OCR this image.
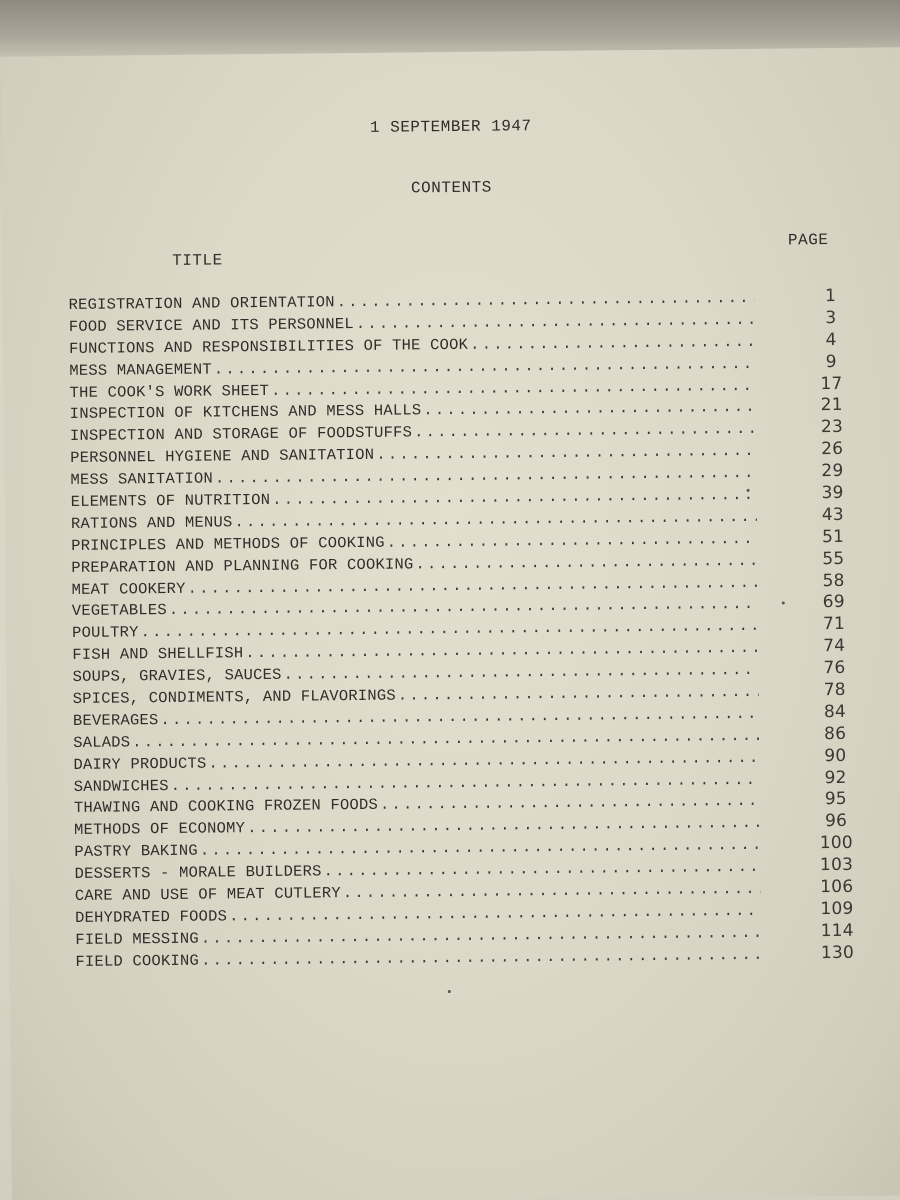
1 SEPTEMBER 1947
CONTENTS
TITLE
PAGE
REGISTRATION AND ORIENTATION .....	1
FOOD SERVICE AND ITS PERSONNEL .....	3
FUNCTIONS AND RESPONSIBILITIES OF THE COOK .....	4
MESS MANAGEMENT .....	9
THE COOK'S WORK SHEET .....	17
INSPECTION OF KITCHENS AND MESS HALLS .....	21
INSPECTION AND STORAGE OF FOODSTUFFS .....	23
PERSONNEL HYGIENE AND SANITATION .....	26
MESS SANITATION .....	29
ELEMENTS OF NUTRITION .....	39
RATIONS AND MENUS .....	43
PRINCIPLES AND METHODS OF COOKING .....	51
PREPARATION AND PLANNING FOR COOKING .....	55
MEAT COOKERY .....	58
VEGETABLES .....	69
POULTRY .....	71
FISH AND SHELLFISH .....	74
SOUPS, GRAVIES, SAUCES .....	76
SPICES, CONDIMENTS, AND FLAVORINGS .....	78
BEVERAGES .....	84
SALADS .....	86
DAIRY PRODUCTS .....	90
SANDWICHES .....	92
THAWING AND COOKING FROZEN FOODS .....	95
METHODS OF ECONOMY .....	96
PASTRY BAKING .....	100
DESSERTS - MORALE BUILDERS .....	103
CARE AND USE OF MEAT CUTLERY .....	106
DEHYDRATED FOODS .....	109
FIELD MESSING .....	114
FIELD COOKING .....	130
